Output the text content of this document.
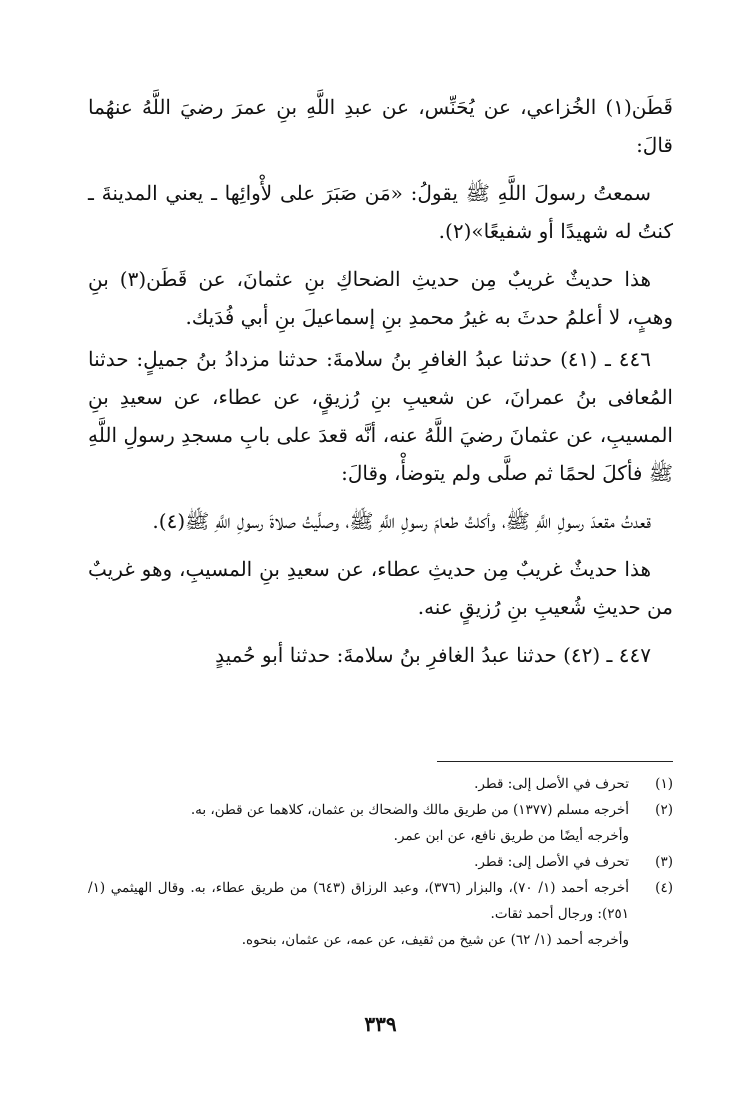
قَطَن(١) الخُزاعي، عن يُحَنِّس، عن عبدِ اللَّهِ بنِ عمرَ رضيَ اللَّهُ عنهُما قالَ:

سمعتُ رسولَ اللَّهِ ﷺ يقولُ: «مَن صَبَرَ على لأْوائِها ـ يعني المدينةَ ـ كنتُ له شهيدًا أو شفيعًا»(٢).

هذا حديثٌ غريبٌ مِن حديثِ الضحاكِ بنِ عثمانَ، عن قَطَن(٣) بنِ وهبٍ، لا أعلمُ حدثَ به غيرُ محمدِ بنِ إسماعيلَ بنِ أبي فُدَيك.

٤٤٦ ـ (٤١) حدثنا عبدُ الغافرِ بنُ سلامةَ: حدثنا مزدادُ بنُ جميلٍ: حدثنا المُعافى بنُ عمرانَ، عن شعيبِ بنِ رُزيقٍ، عن عطاء، عن سعيدِ بنِ المسيبِ، عن عثمانَ رضيَ اللَّهُ عنه، أنَّه قعدَ على بابِ مسجدِ رسولِ اللَّهِ ﷺ فأكلَ لحمًا ثم صلَّى ولم يتوضأْ، وقالَ:

قعدتُ مقعدَ رسولِ اللَّهِ ﷺ، وأكلتُ طعامَ رسولِ اللَّهِ ﷺ، وصلَّيتُ صلاةَ رسولِ اللَّهِ ﷺ(٤).

هذا حديثٌ غريبٌ مِن حديثِ عطاء، عن سعيدِ بنِ المسيبِ، وهو غريبٌ من حديثِ شُعيبِ بنِ رُزيقٍ عنه.

٤٤٧ ـ (٤٢) حدثنا عبدُ الغافرِ بنُ سلامةَ: حدثنا أبو حُميدٍ

(١)
تحرف في الأصل إلى: قطر.
(٢)
أخرجه مسلم (١٣٧٧) من طريق مالك والضحاك بن عثمان، كلاهما عن قطن، به.
وأخرجه أيضًا من طريق نافع، عن ابن عمر.
(٣)
تحرف في الأصل إلى: قطر.
(٤)
أخرجه أحمد (١/ ٧٠)، والبزار (٣٧٦)، وعبد الرزاق (٦٤٣) من طريق عطاء، به. وقال الهيثمي (١/ ٢٥١): ورجال أحمد ثقات.
وأخرجه أحمد (١/ ٦٢) عن شيخ من ثقيف، عن عمه، عن عثمان، بنحوه.
٣٣٩
